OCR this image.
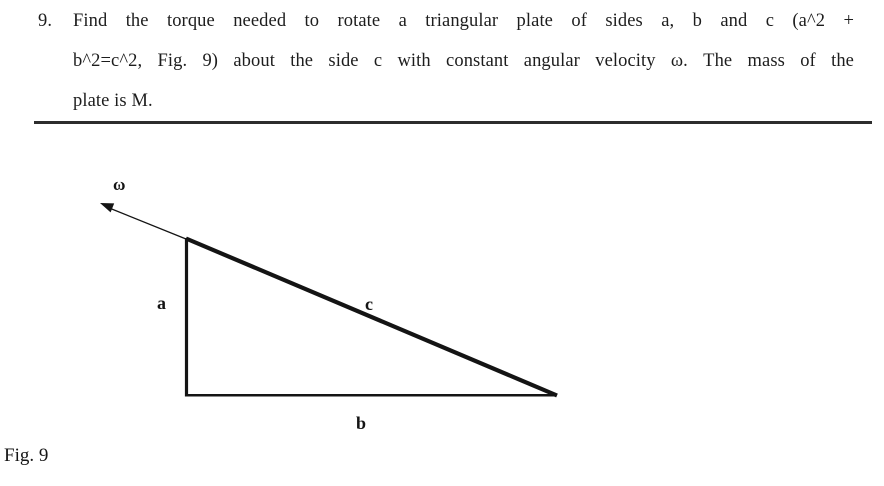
9. Find the torque needed to rotate a triangular plate of sides a, b and c (a^2 +
b^2=c^2, Fig. 9) about the side c with constant angular velocity ω. The mass of the
plate is M.
ω
a	c
b
Fig. 9
